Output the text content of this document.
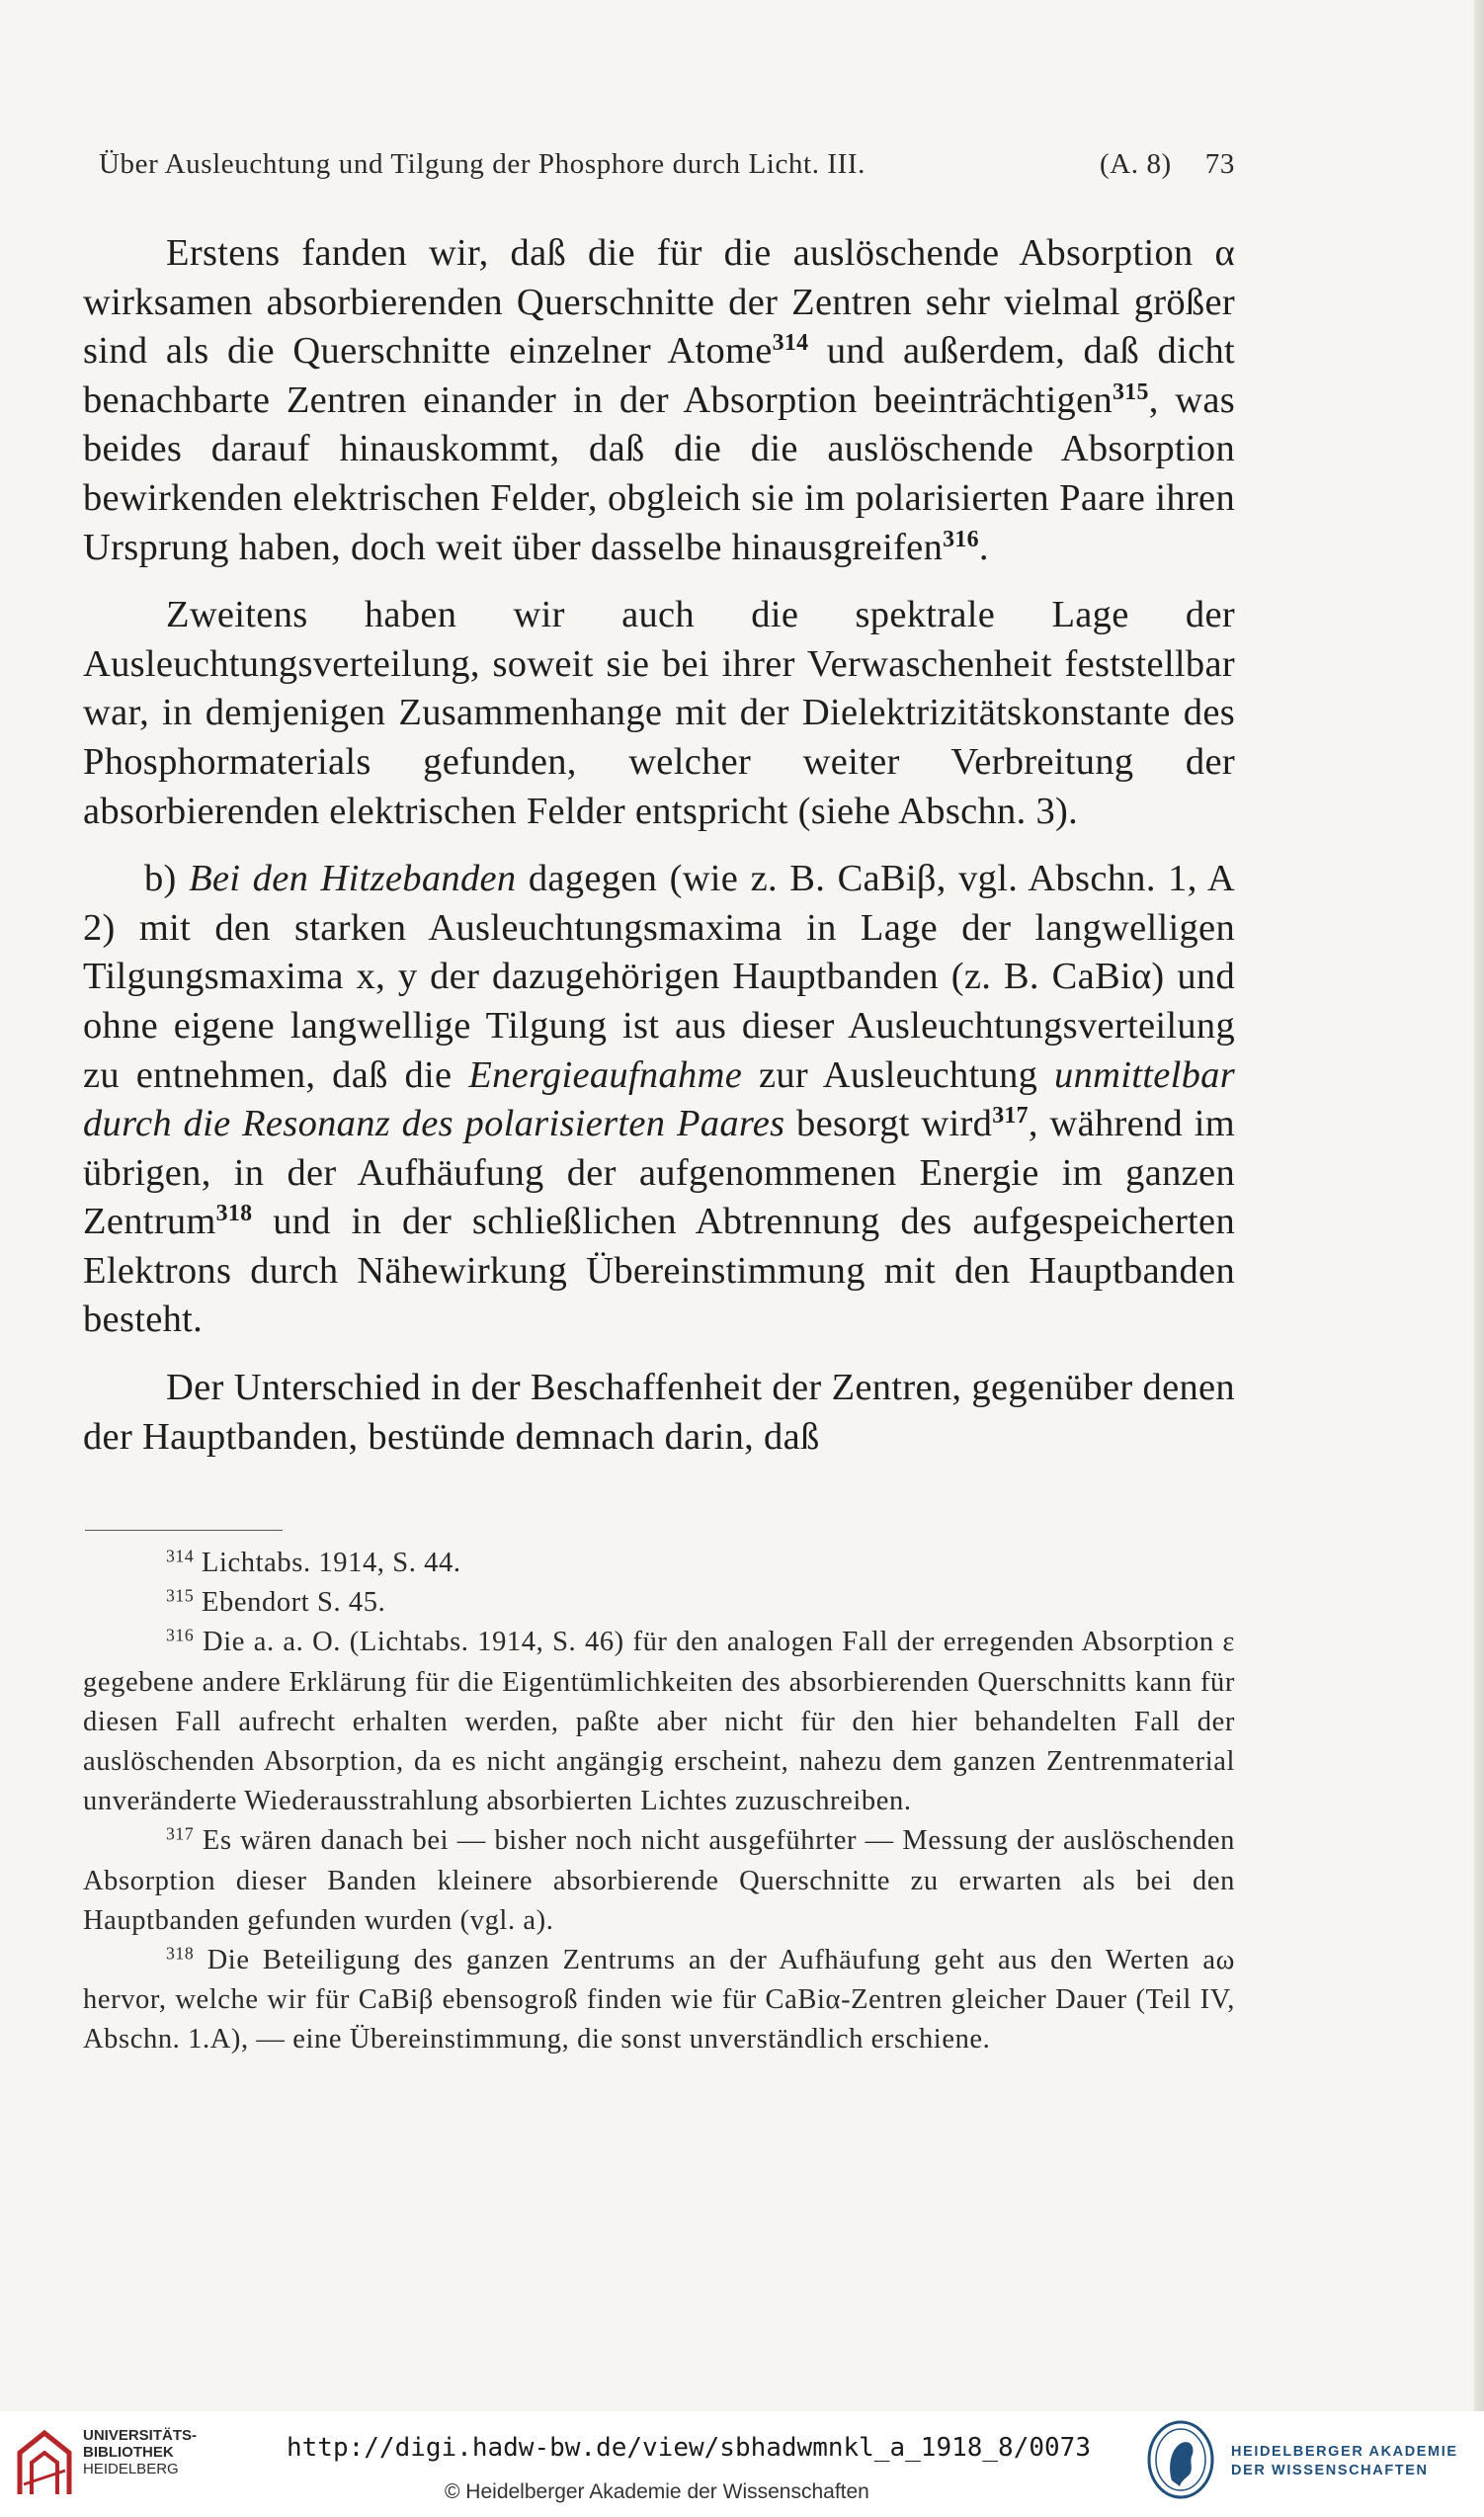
Über Ausleuchtung und Tilgung der Phosphore durch Licht. III.	(A. 8) 73

Erstens fanden wir, daß die für die auslöschende Absorption α wirksamen absorbierenden Querschnitte der Zentren sehr vielmal größer sind als die Querschnitte einzelner Atome$^{314}$ und außerdem, daß dicht benachbarte Zentren einander in der Absorption beeinträchtigen$^{315}$, was beides darauf hinauskommt, daß die die auslöschende Absorption bewirkenden elektrischen Felder, obgleich sie im polarisierten Paare ihren Ursprung haben, doch weit über dasselbe hinausgreifen$^{316}$.

Zweitens haben wir auch die spektrale Lage der Ausleuchtungsverteilung, soweit sie bei ihrer Verwaschenheit feststellbar war, in demjenigen Zusammenhange mit der Dielektrizitätskonstante des Phosphormaterials gefunden, welcher weiter Verbreitung der absorbierenden elektrischen Felder entspricht (siehe Abschn. 3).

b) Bei den Hitzebanden dagegen (wie z. B. CaBiβ, vgl. Abschn. 1, A 2) mit den starken Ausleuchtungsmaxima in Lage der langwelligen Tilgungsmaxima x, y der dazugehörigen Hauptbanden (z. B. CaBiα) und ohne eigene langwellige Tilgung ist aus dieser Ausleuchtungsverteilung zu entnehmen, daß die Energieaufnahme zur Ausleuchtung unmittelbar durch die Resonanz des polarisierten Paares besorgt wird$^{317}$, während im übrigen, in der Aufhäufung der aufgenommenen Energie im ganzen Zentrum$^{318}$ und in der schließlichen Abtrennung des aufgespeicherten Elektrons durch Nähewirkung Übereinstimmung mit den Hauptbanden besteht.

Der Unterschied in der Beschaffenheit der Zentren, gegenüber denen der Hauptbanden, bestünde demnach darin, daß

$^{314}$ Lichtabs. 1914, S. 44.

$^{315}$ Ebendort S. 45.

$^{316}$ Die a. a. O. (Lichtabs. 1914, S. 46) für den analogen Fall der erregenden Absorption ε gegebene andere Erklärung für die Eigentümlichkeiten des absorbierenden Querschnitts kann für diesen Fall aufrecht erhalten werden, paßte aber nicht für den hier behandelten Fall der auslöschenden Absorption, da es nicht angängig erscheint, nahezu dem ganzen Zentrenmaterial unveränderte Wiederausstrahlung absorbierten Lichtes zuzuschreiben.

$^{317}$ Es wären danach bei — bisher noch nicht ausgeführter — Messung der auslöschenden Absorption dieser Banden kleinere absorbierende Querschnitte zu erwarten als bei den Hauptbanden gefunden wurden (vgl. a).

$^{318}$ Die Beteiligung des ganzen Zentrums an der Aufhäufung geht aus den Werten aω hervor, welche wir für CaBiβ ebensogroß finden wie für CaBiα-Zentren gleicher Dauer (Teil IV, Abschn. 1.A), — eine Übereinstimmung, die sonst unverständlich erschiene.

UNIVERSITÄTS-
BIBLIOTHEK
HEIDELBERG
http://digi.hadw-bw.de/view/sbhadwmnkl_a_1918_8/0073
© Heidelberger Akademie der Wissenschaften
HEIDELBERGER AKADEMIE
DER WISSENSCHAFTEN
